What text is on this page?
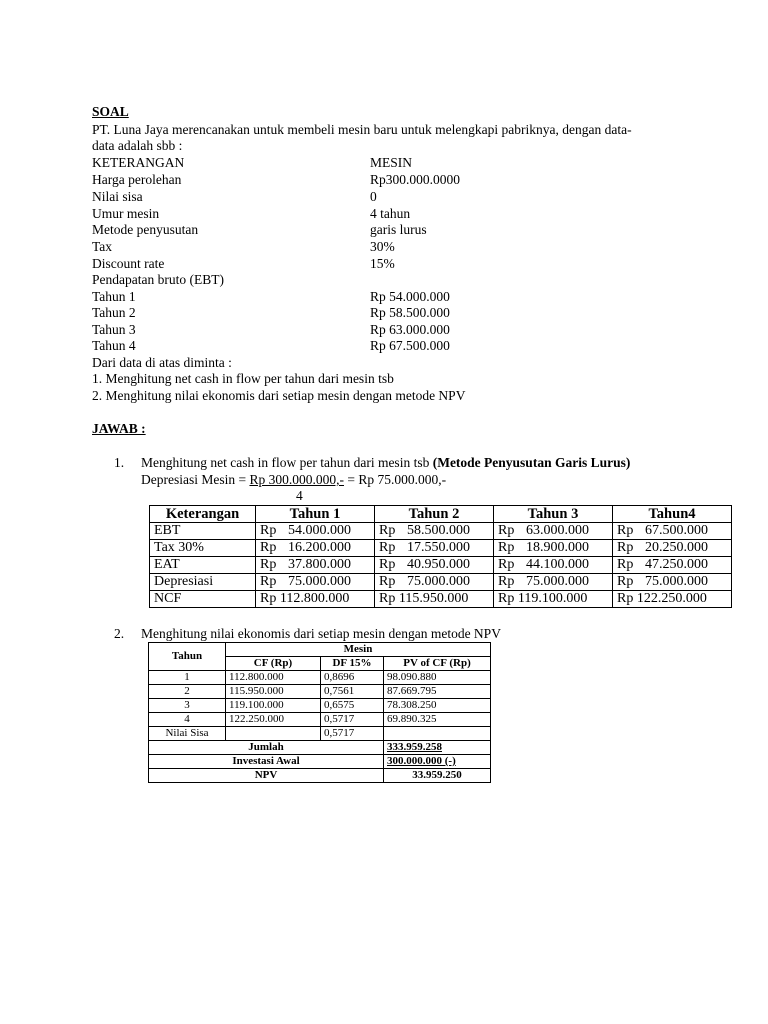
SOAL
PT. Luna Jaya merencanakan untuk membeli mesin baru untuk melengkapi pabriknya, dengan data-
data adalah sbb :
KETERANGAN	MESIN
Harga perolehan	Rp300.000.0000
Nilai sisa	0
Umur mesin	4 tahun
Metode penyusutan	garis lurus
Tax	30%
Discount rate	15%
Pendapatan bruto (EBT)
Tahun 1	Rp 54.000.000
Tahun 2	Rp 58.500.000
Tahun 3	Rp 63.000.000
Tahun 4	Rp 67.500.000
Dari data di atas diminta :
1. Menghitung net cash in flow per tahun dari mesin tsb
2. Menghitung nilai ekonomis dari setiap mesin dengan metode NPV
JAWAB :
1. Menghitung net cash in flow per tahun dari mesin tsb (Metode Penyusutan Garis Lurus)
Depresiasi Mesin = Rp 300.000.000,- = Rp 75.000.000,-
4
Keterangan	Tahun 1	Tahun 2	Tahun 3	Tahun4
EBT	Rp 54.000.000	Rp 58.500.000	Rp 63.000.000	Rp 67.500.000
Tax 30%	Rp 16.200.000	Rp 17.550.000	Rp 18.900.000	Rp 20.250.000
EAT	Rp 37.800.000	Rp 40.950.000	Rp 44.100.000	Rp 47.250.000
Depresiasi	Rp 75.000.000	Rp 75.000.000	Rp 75.000.000	Rp 75.000.000
NCF	Rp 112.800.000	Rp 115.950.000	Rp 119.100.000	Rp 122.250.000
2. Menghitung nilai ekonomis dari setiap mesin dengan metode NPV
Tahun	Mesin		
	CF (Rp)	DF 15%	PV of CF (Rp)
1	112.800.000	0,8696	98.090.880
2	115.950.000	0,7561	87.669.795
3	119.100.000	0,6575	78.308.250
4	122.250.000	0,5717	69.890.325
Nilai Sisa		0,5717	
Jumlah			333.959.258
Investasi Awal			300.000.000 (-)
NPV			33.959.250
